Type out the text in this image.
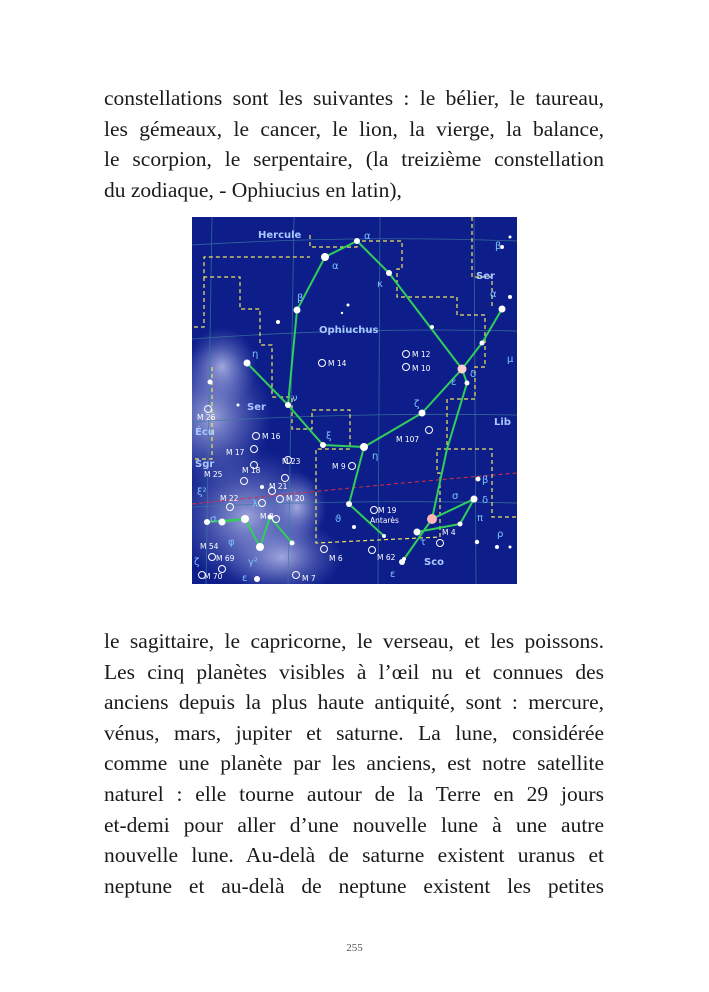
constellations sont les suivantes : le bélier, le taureau,
les gémeaux, le cancer, le lion, la vierge, la balance,
le scorpion, le serpentaire, (la treizième constellation
du zodiaque, - Ophiucius en latin),
Hercule
Ophiuchus
Ser
Ser
Lib
Écu
Sgr
Sco
α
α
κ
β
η
ν
ξ
η
ζ
ϑ
ε
δ
β
α
μ
β
δ
π
τ
ε
ρ
σ
ξ²
σ
φ
γ²
ζ
ε
λ
M 12
M 10
M 14
M 107
M 9
M 19
M 62
M 4
M 6
M 7
M 26
M 16
M 17
M 18
M 23
M 25
M 21
M 20
M 22
M 8
M 54
M 69
M 70
Antarès
le sagittaire, le capricorne, le verseau, et les poissons.
Les cinq planètes visibles à l’œil nu et connues des
anciens depuis la plus haute antiquité, sont : mercure,
vénus, mars, jupiter et saturne. La lune, considérée
comme une planète par les anciens, est notre satellite
naturel : elle tourne autour de la Terre en 29 jours
et-demi pour aller d’une nouvelle lune à une autre
nouvelle lune. Au-delà de saturne existent uranus et
neptune et au-delà de neptune existent les petites
255
